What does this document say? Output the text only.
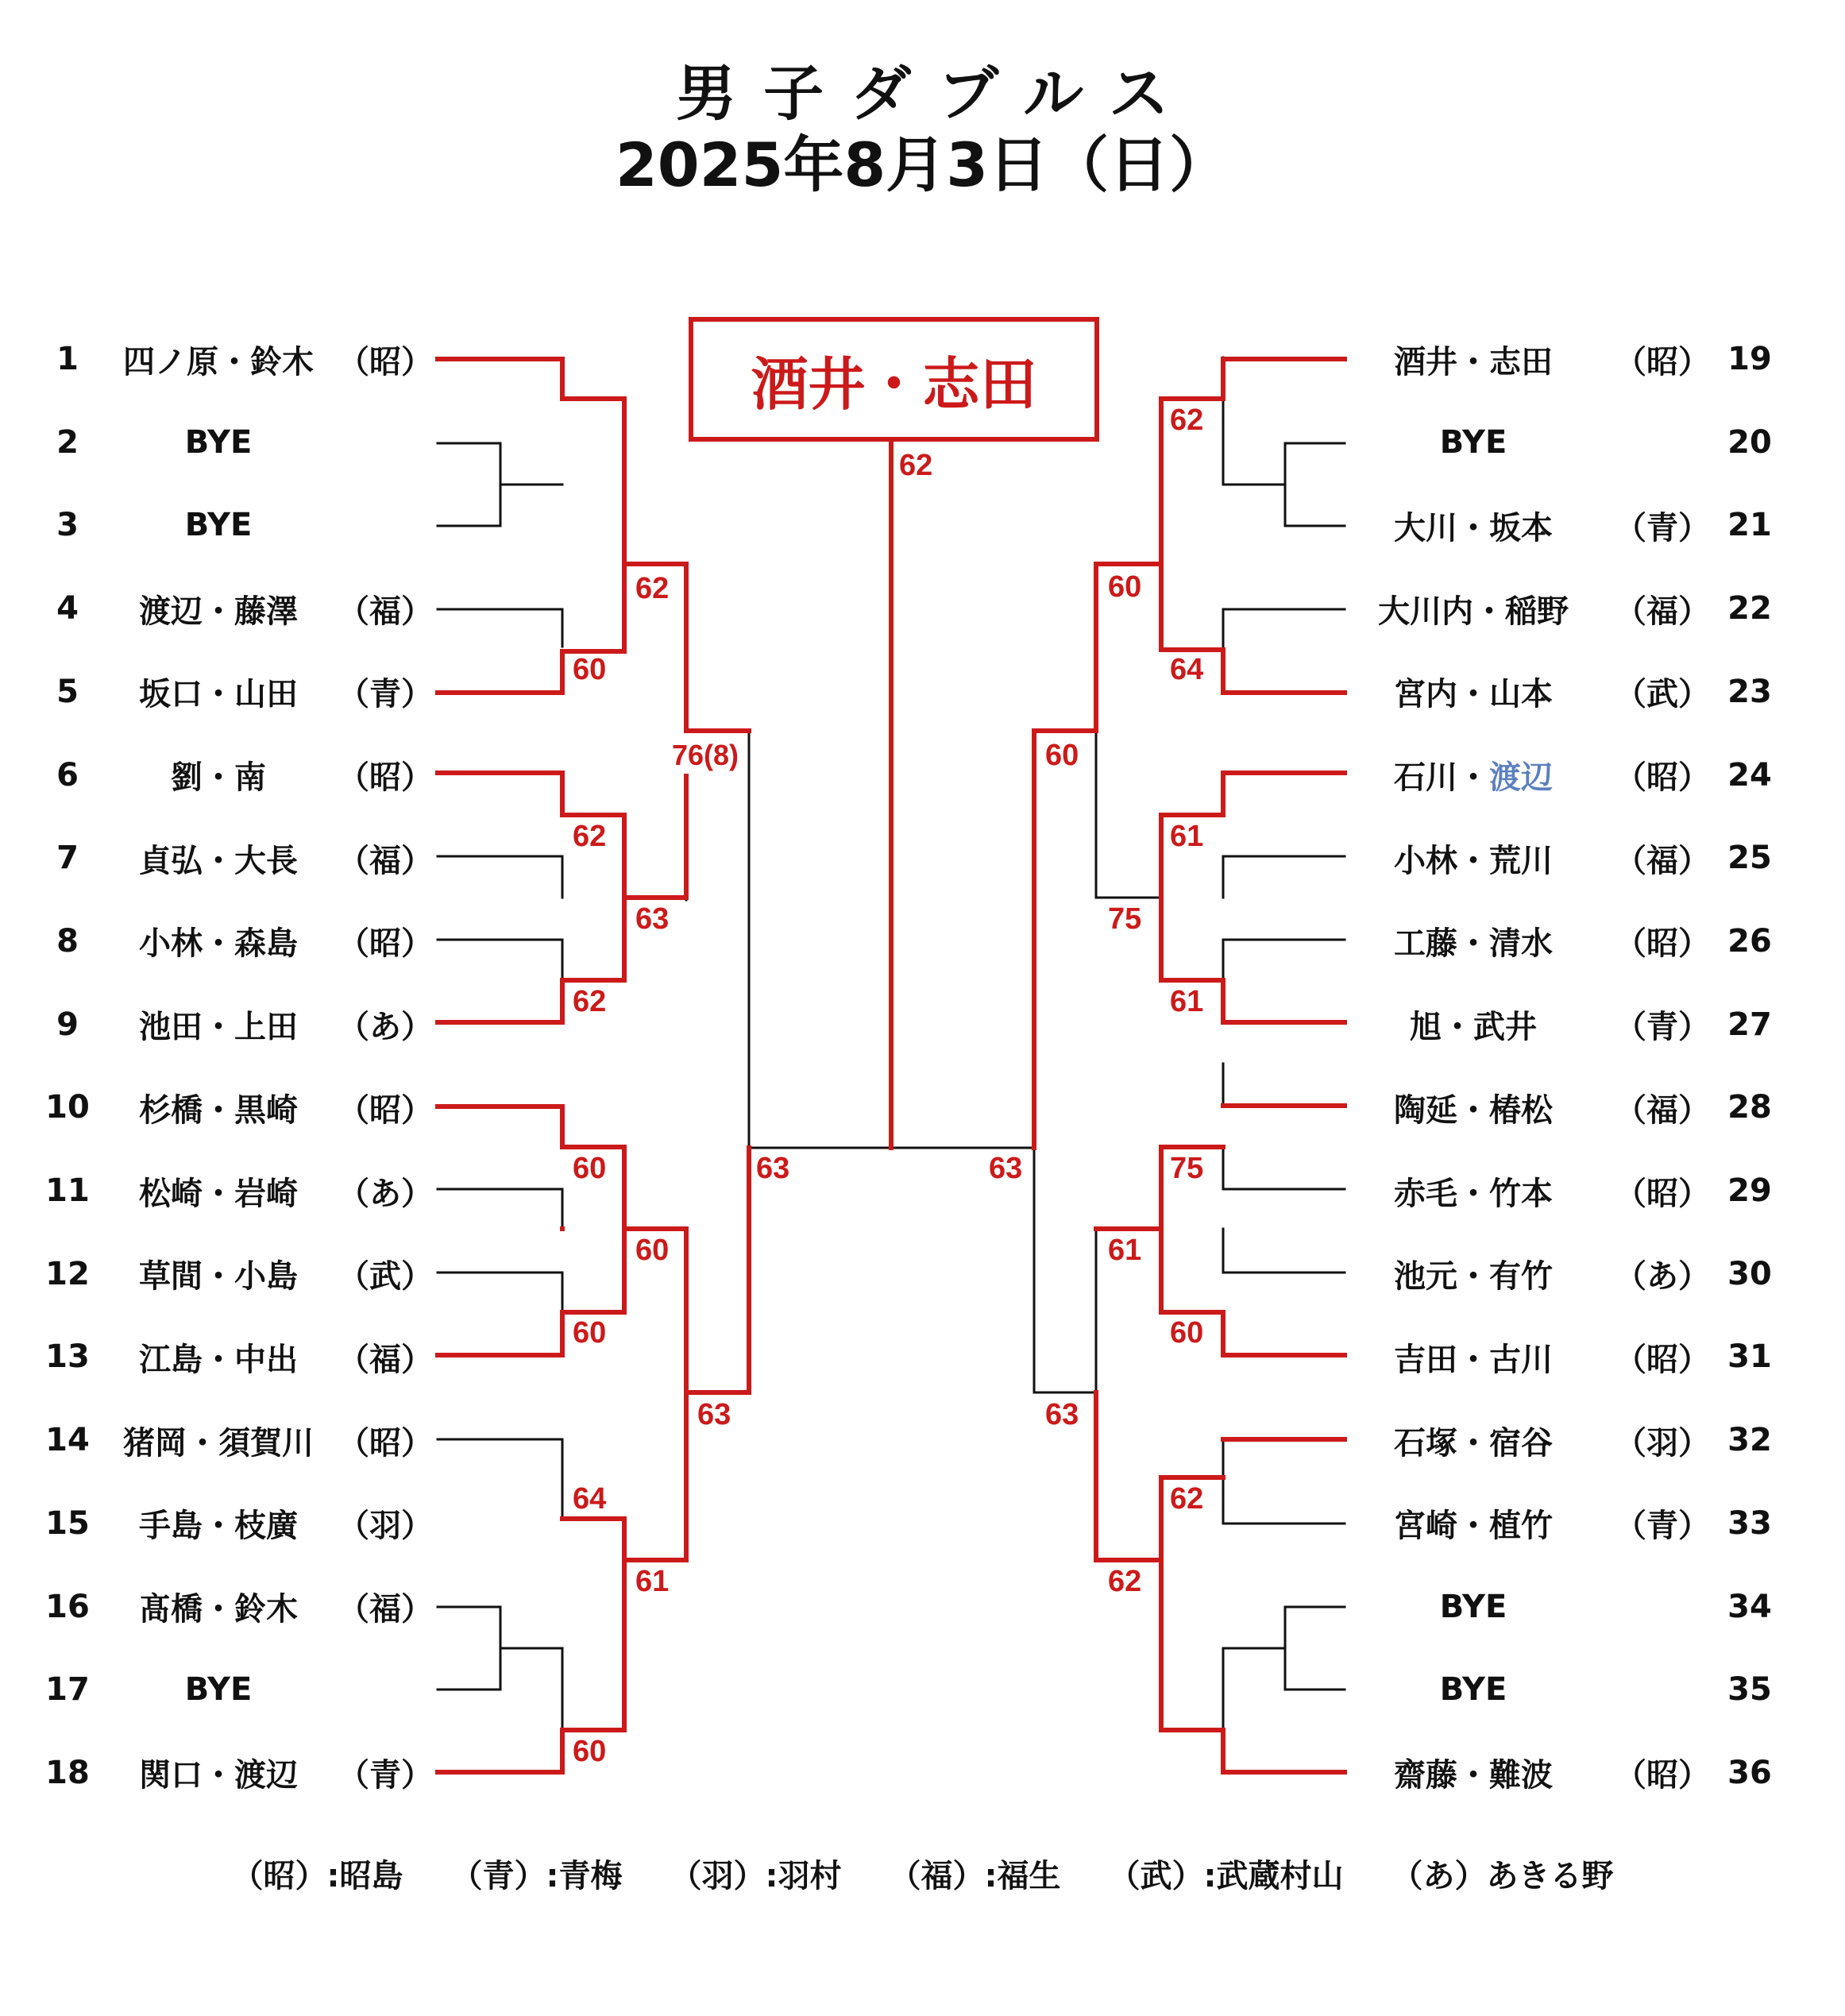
男子ダブルス
2025年8月3日（日）
62
62
60
76(8)
62
63
62
63
60
60
60
63
64
61
60
62
60
64
60
61
75
61
63	75
61
60
63
62
62
酒井・志田
1	四ノ原・鈴木 （昭）
2	BYE
3	BYE
4	渡辺・藤澤	（福）
5	坂口・山田	（青）
6	劉・南	（昭）
7	貞弘・大長	（福）
8	小林・森島	（昭）
9	池田・上田	（あ）
10	杉橋・黒崎	（昭）
11	松崎・岩崎	（あ）
12	草間・小島	（武）
13	江島・中出	（福）
14	猪岡・須賀川 （昭）
15	手島・枝廣	（羽）
16	髙橋・鈴木	（福）
17	BYE
18	関口・渡辺	（青）
酒井・志田	（昭） 19
BYE	20
大川・坂本	（青） 21
大川内・稲野	（福） 22
宮内・山本	（武） 23
石川・渡辺	（昭） 24
小林・荒川	（福） 25
工藤・清水	（昭） 26
旭・武井	（青） 27
陶延・椿松	（福） 28
赤毛・竹本	（昭） 29
池元・有竹	（あ） 30
吉田・古川	（昭） 31
石塚・宿谷	（羽） 32
宮崎・植竹	（青） 33
BYE	34
BYE	35
齋藤・難波	（昭） 36
（昭）:昭島 （青）:青梅 （羽）:羽村 （福）:福生 （武）:武蔵村山 （あ）あきる野
